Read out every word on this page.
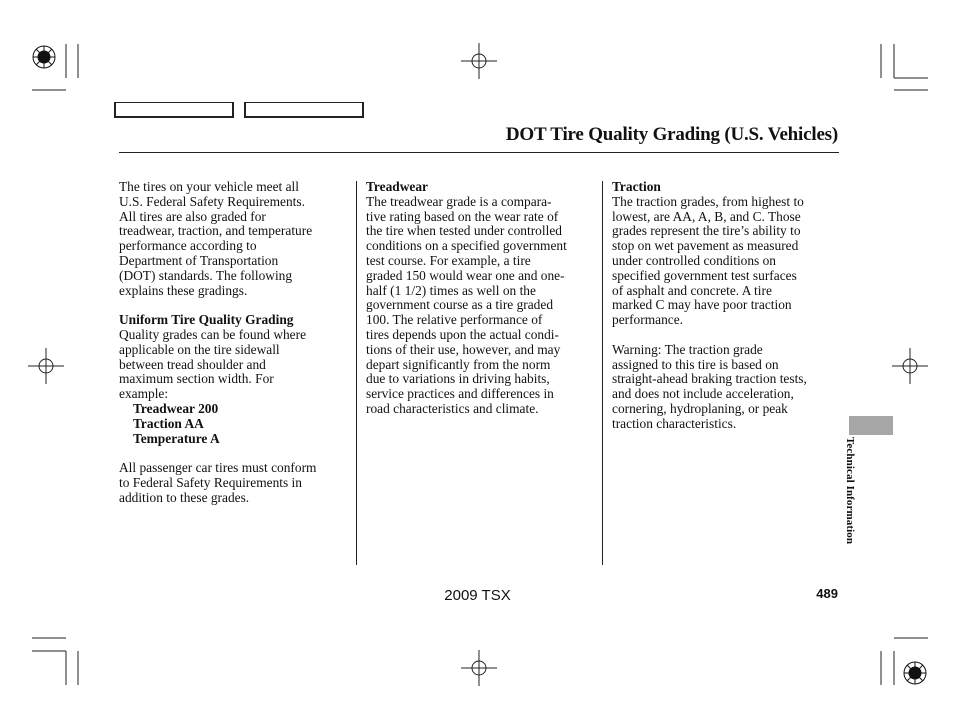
DOT Tire Quality Grading (U.S. Vehicles)

The tires on your vehicle meet all

U.S. Federal Safety Requirements.

All tires are also graded for

treadwear, traction, and temperature

performance according to

Department of Transportation

(DOT) standards. The following

explains these gradings.

Uniform Tire Quality Grading

Quality grades can be found where

applicable on the tire sidewall

between tread shoulder and

maximum section width. For

example:

Treadwear 200

Traction AA

Temperature A

All passenger car tires must conform

to Federal Safety Requirements in

addition to these grades.

Treadwear

The treadwear grade is a compara-

tive rating based on the wear rate of

the tire when tested under controlled

conditions on a specified government

test course. For example, a tire

graded 150 would wear one and one-

half (1 1/2) times as well on the

government course as a tire graded

100. The relative performance of

tires depends upon the actual condi-

tions of their use, however, and may

depart significantly from the norm

due to variations in driving habits,

service practices and differences in

road characteristics and climate.

Traction

The traction grades, from highest to

lowest, are AA, A, B, and C. Those

grades represent the tire’s ability to

stop on wet pavement as measured

under controlled conditions on

specified government test surfaces

of asphalt and concrete. A tire

marked C may have poor traction

performance.

Warning: The traction grade

assigned to this tire is based on

straight-ahead braking traction tests,

and does not include acceleration,

cornering, hydroplaning, or peak

traction characteristics.

Technical Information
2009 TSX	489
